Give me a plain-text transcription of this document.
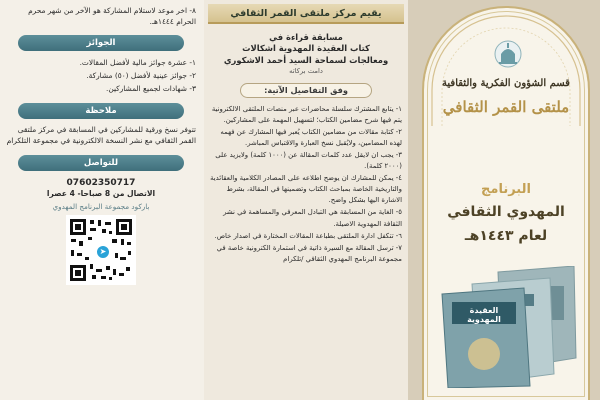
٨- اخر موعد لاستلام المشاركة هو الآخر من شهر محرم الحرام ١٤٤٤هـ.

الجوائز

١- عشرة جوائز مالية لأفضل المقالات.

٢- جوائز عينية لأفضل (٥٠) مشاركة.

٣- شهادات لجميع المشاركين.

ملاحظة

تتوفر نسخ ورقية للمشاركين في المسابقة في مركز ملتقى القمر الثقافي مع نشر النسخة الالكترونية في مجموعة التلكرام

للتواصل

07602350717

الاتصال من 8 صباحا- 4 عصرا

باركود مجموعة البرنامج المهدوي

➤
يقيم مركز ملتقى القمر الثقافي

مسابقة قراءة في

كتاب العقيدة المهدوية اشكالات

ومعالجات لسماحة السيد أحمد الاشكوري

دامت بركاته

وفق التفاصيل الآتية:

١- يتابع المشترك سلسلة محاضرات عبر منصات الملتقى الالكترونية يتم فيها شرح مضامين الكتاب؛ لتسهيل المهمة على المشاركين.

٢- كتابة مقالات من مضامين الكتاب يُعبر فيها المشارك عن فهمه لهذه المضامين، ولايُقبل نسخ العبارة والاقتباس المباشر.

٣- يجب ان لايقل عدد كلمات المقالة عن (١٠٠٠ كلمة) ولايزيد على (٢٠٠٠ كلمة).

٤- يمكن للمشارك ان يوضح اطلاعه على المصادر الكلامية والعقائدية والتاريخية الخاصة بمباحث الكتاب وتضمينها في المقالة، بشرط الاشارة اليها بشكل واضح.

٥- الغاية من المسابقة هي التبادل المعرفي والمساهمة في نشر الثقافة المهدوية الاصيلة.

٦- تتكفل ادارة الملتقى بطباعة المقالات المختارة في اصدار خاص.

٧- ترسل المقالة مع السيرة ذاتية في استمارة الكترونية خاصة في مجموعة البرنامج المهدوي الثقافي /تلكرام

قسم الشؤون الفكرية والثقافية

ملتقى القمر الثقافي

البرنامج

المهدوي الثقافي

لعام ١٤٤٣هـ

العقيدة المهدوية
